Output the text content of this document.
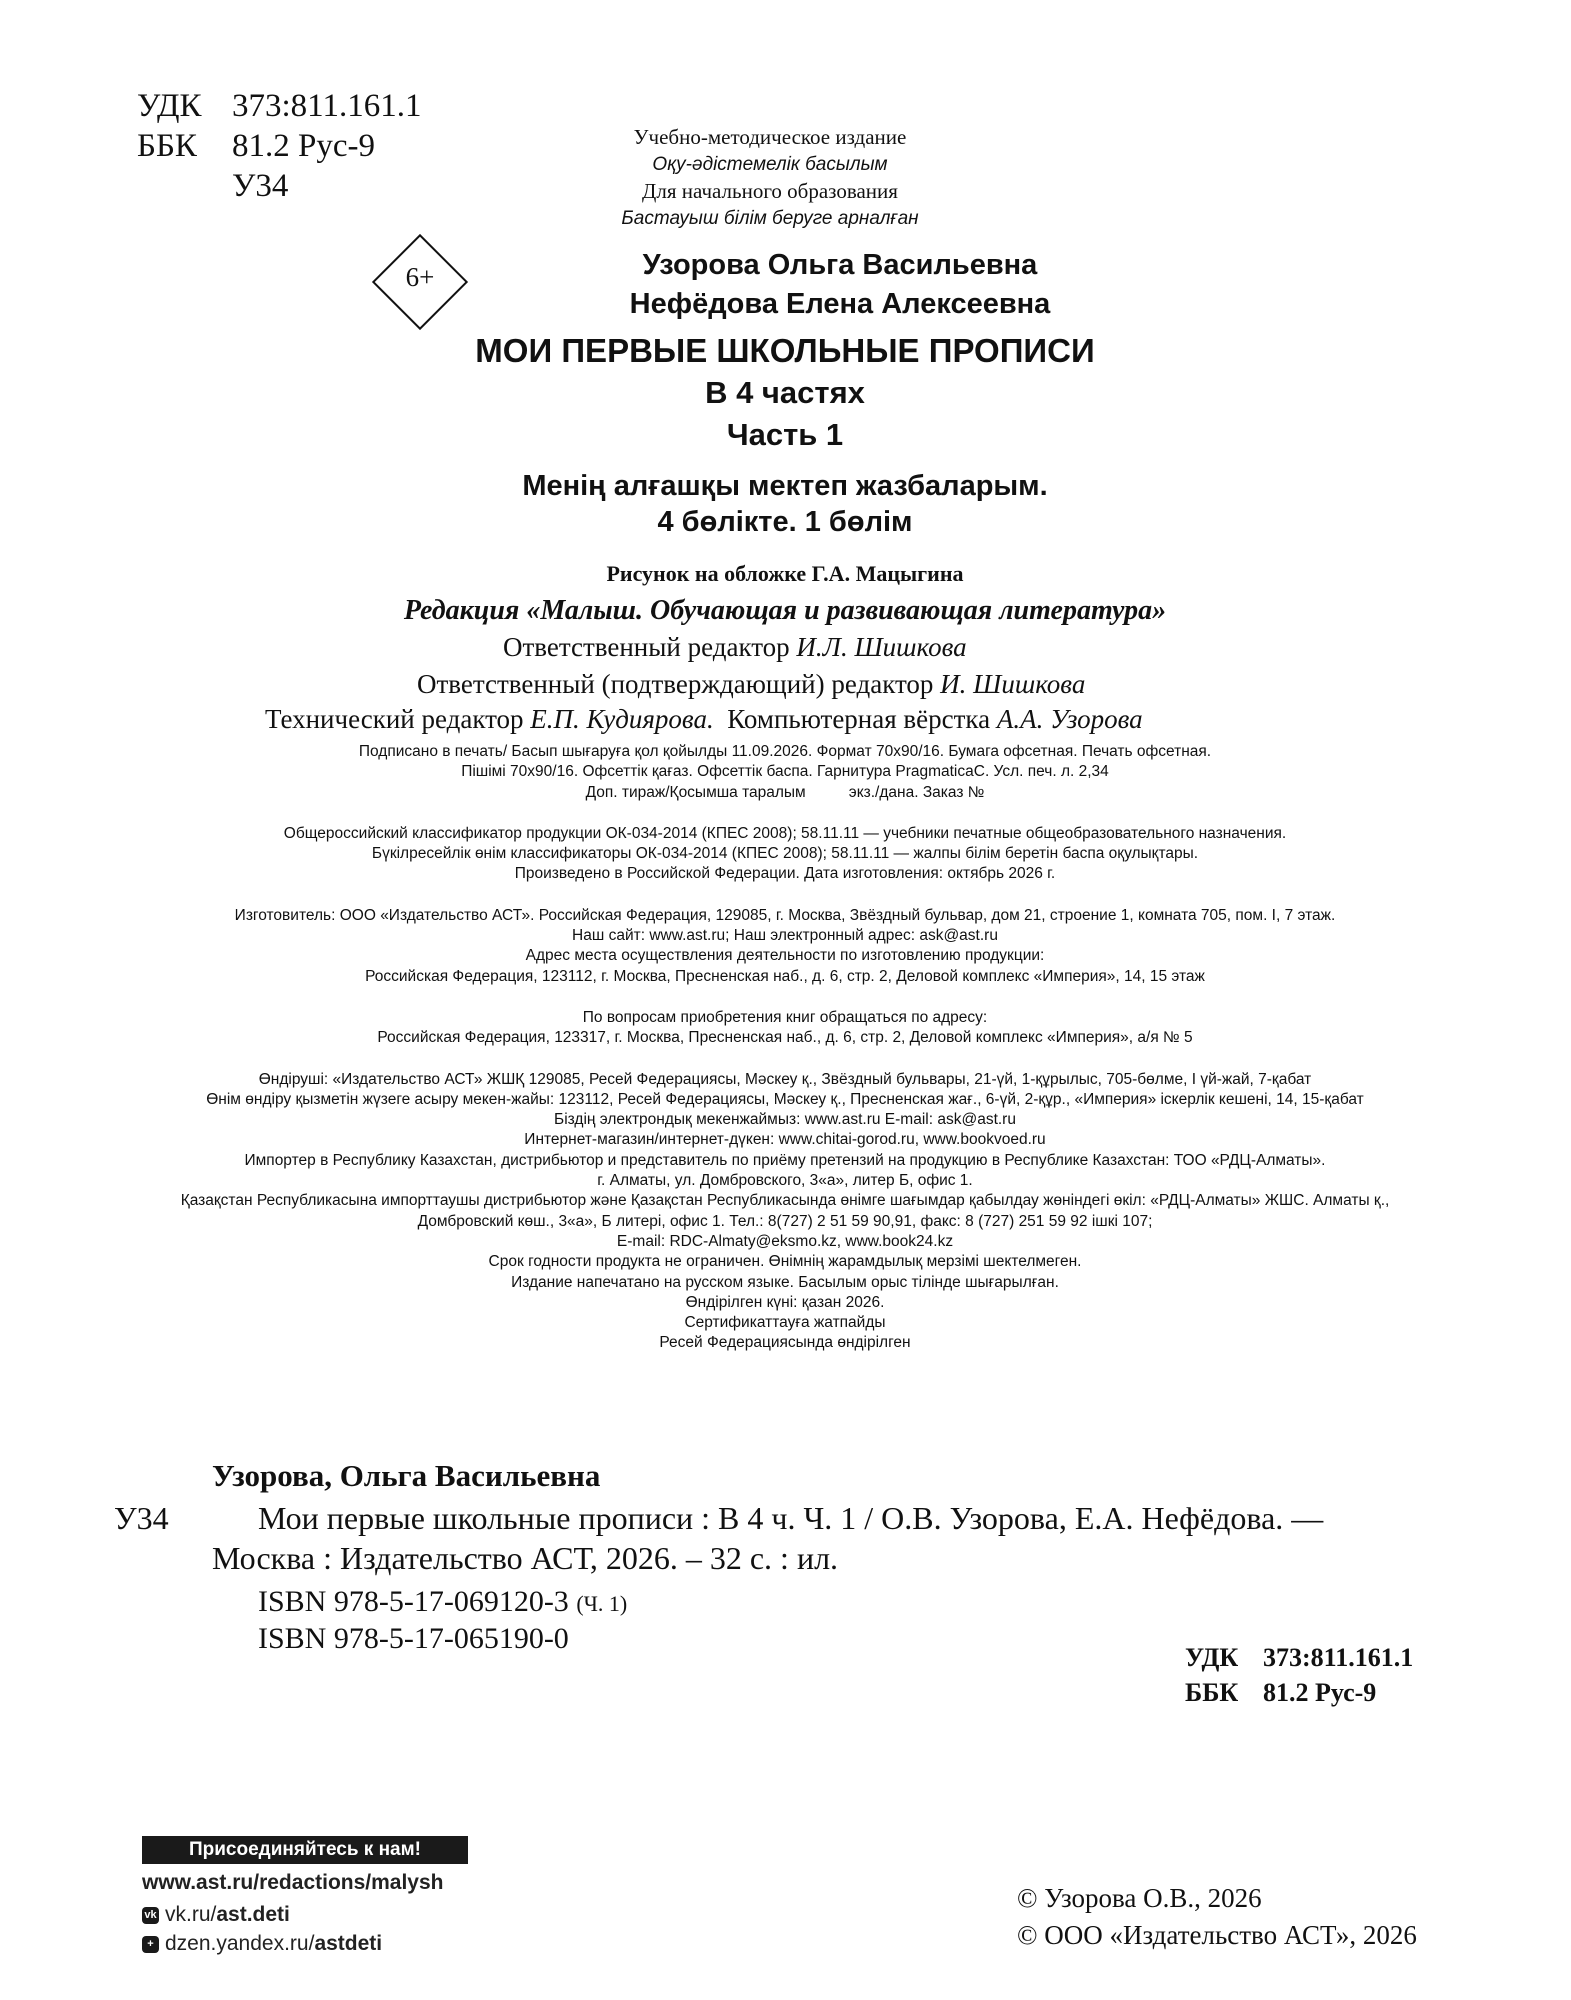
УДК 373:811.161.1
ББК 81.2 Рус-9
У34
Учебно-методическое издание
Оқу-әдістемелік басылым
Для начального образования
Бастауыш білім беруге арналған
6+	Узорова Ольга Васильевна
Нефёдова Елена Алексеевна
МОИ ПЕРВЫЕ ШКОЛЬНЫЕ ПРОПИСИ
В 4 частях
Часть 1
Менің алғашқы мектеп жазбаларым.
4 бөлікте. 1 бөлім
Рисунок на обложке Г.А. Мацыгина
Редакция «Малыш. Обучающая и развивающая литература»
Ответственный редактор И.Л. Шишкова
Ответственный (подтверждающий) редактор И. Шишкова
Технический редактор Е.П. Кудиярова. Компьютерная вёрстка А.А. Узорова
Подписано в печать/ Басып шығаруға қол қойылды 11.09.2026. Формат 70х90/16. Бумага офсетная. Печать офсетная.
Пішімі 70х90/16. Офсеттік қағаз. Офсеттік баспа. Гарнитура PragmaticaC. Усл. печ. л. 2,34
Доп. тираж/Қосымша таралым          экз./дана. Заказ №
Общероссийский классификатор продукции ОК-034-2014 (КПЕС 2008); 58.11.11 — учебники печатные общеобразовательного назначения.
Бүкілресейлік өнім классификаторы ОК-034-2014 (КПЕС 2008); 58.11.11 — жалпы білім беретін баспа оқулықтары.
Произведено в Российской Федерации. Дата изготовления: октябрь 2026 г.
Изготовитель: ООО «Издательство АСТ». Российская Федерация, 129085, г. Москва, Звёздный бульвар, дом 21, строение 1, комната 705, пом. I, 7 этаж.
Наш сайт: www.ast.ru; Наш электронный адрес: ask@ast.ru
Адрес места осуществления деятельности по изготовлению продукции:
Российская Федерация, 123112, г. Москва, Пресненская наб., д. 6, стр. 2, Деловой комплекс «Империя», 14, 15 этаж
По вопросам приобретения книг обращаться по адресу:
Российская Федерация, 123317, г. Москва, Пресненская наб., д. 6, стр. 2, Деловой комплекс «Империя», а/я № 5
Өндіруші: «Издательство АСТ» ЖШҚ 129085, Ресей Федерациясы, Мәскеу қ., Звёздный бульвары, 21-үй, 1-құрылыс, 705-бөлме, I үй-жай, 7-қабат
Өнім өндіру қызметін жүзеге асыру мекен-жайы: 123112, Ресей Федерациясы, Мәскеу қ., Пресненская жағ., 6-үй, 2-құр., «Империя» іскерлік кешені, 14, 15-қабат
Біздің электрондық мекенжаймыз: www.ast.ru E-mail: ask@ast.ru
Интернет-магазин/интернет-дүкен: www.chitai-gorod.ru, www.bookvoed.ru
Импортер в Республику Казахстан, дистрибьютор и представитель по приёму претензий на продукцию в Республике Казахстан: ТОО «РДЦ-Алматы».
г. Алматы, ул. Домбровского, 3«а», литер Б, офис 1.
Қазақстан Республикасына импорттаушы дистрибьютор және Қазақстан Республикасында өнімге шағымдар қабылдау жөніндегі өкіл: «РДЦ-Алматы» ЖШС. Алматы қ.,
Домбровский көш., 3«а», Б литері, офис 1. Тел.: 8(727) 2 51 59 90,91, факс: 8 (727) 251 59 92 ішкі 107;
E-mail: RDC-Almaty@eksmo.kz, www.book24.kz
Срок годности продукта не ограничен. Өнімнің жарамдылық мерзімі шектелмеген.
Издание напечатано на русском языке. Басылым орыс тілінде шығарылған.
Өндірілген күні: қазан 2026.
Сертификаттауға жатпайды
Ресей Федерациясында өндірілген
Узорова, Ольга Васильевна
У34	Мои первые школьные прописи : В 4 ч. Ч. 1 / О.В. Узорова, Е.А. Нефёдова. —
Москва : Издательство АСТ, 2026. – 32 с. : ил.
ISBN 978-5-17-069120-3 (Ч. 1)
ISBN 978-5-17-065190-0
УДК 373:811.161.1
ББК 81.2 Рус-9
Присоединяйтесь к нам!
www.ast.ru/redactions/malysh
vk vk.ru/ast.deti
+ dzen.yandex.ru/astdeti
© Узорова О.В., 2026
© ООО «Издательство АСТ», 2026
